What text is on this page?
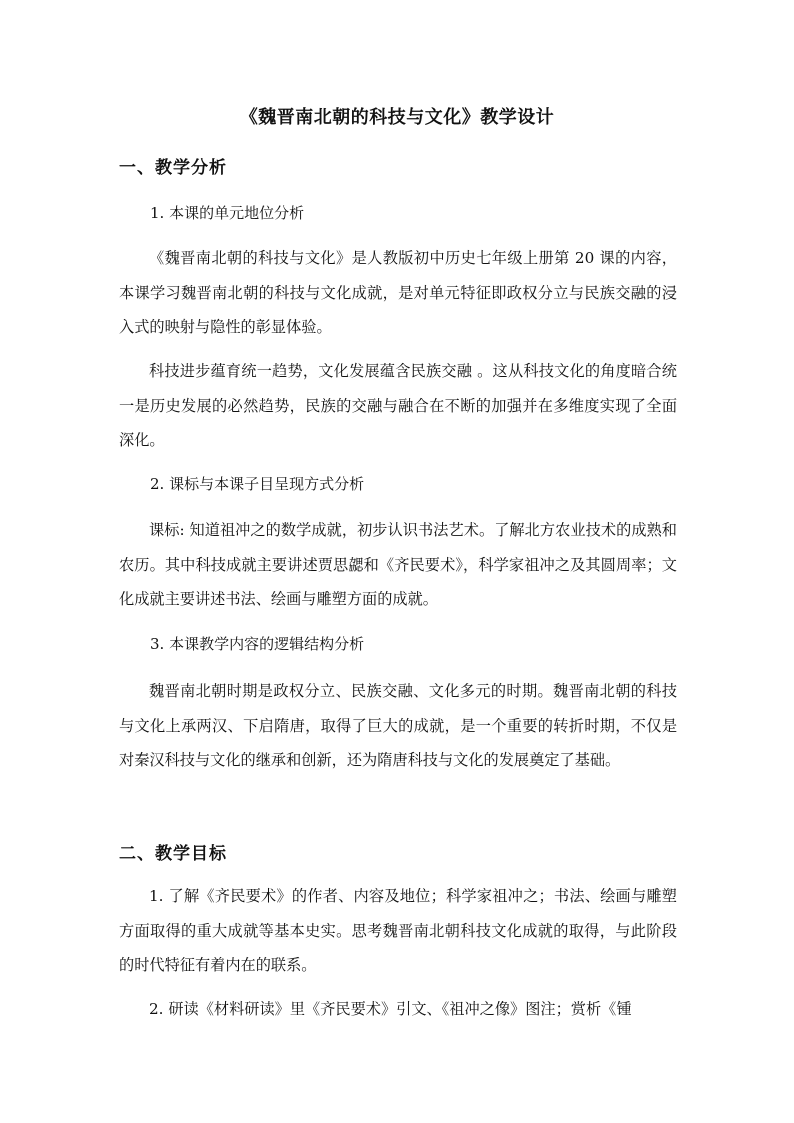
《魏晋南北朝的科技与文化》教学设计
一、教学分析
1. 本课的单元地位分析
《魏晋南北朝的科技与文化》是人教版初中历史七年级上册第 20 课的内容，本课学习魏晋南北朝的科技与文化成就，是对单元特征即政权分立与民族交融的浸入式的映射与隐性的彰显体验。
科技进步蕴育统一趋势，文化发展蕴含民族交融 。这从科技文化的角度暗合统一是历史发展的必然趋势，民族的交融与融合在不断的加强并在多维度实现了全面深化。
2. 课标与本课子目呈现方式分析
课标: 知道祖冲之的数学成就，初步认识书法艺术。了解北方农业技术的成熟和农历。其中科技成就主要讲述贾思勰和《齐民要术》，科学家祖冲之及其圆周率；文化成就主要讲述书法、绘画与雕塑方面的成就。
3. 本课教学内容的逻辑结构分析
魏晋南北朝时期是政权分立、民族交融、文化多元的时期。魏晋南北朝的科技与文化上承两汉、下启隋唐，取得了巨大的成就，是一个重要的转折时期，不仅是对秦汉科技与文化的继承和创新，还为隋唐科技与文化的发展奠定了基础。
二、教学目标
1. 了解《齐民要术》的作者、内容及地位；科学家祖冲之；书法、绘画与雕塑方面取得的重大成就等基本史实。思考魏晋南北朝科技文化成就的取得，与此阶段的时代特征有着内在的联系。
2. 研读《材料研读》里《齐民要术》引文、《祖冲之像》图注；赏析《锺
